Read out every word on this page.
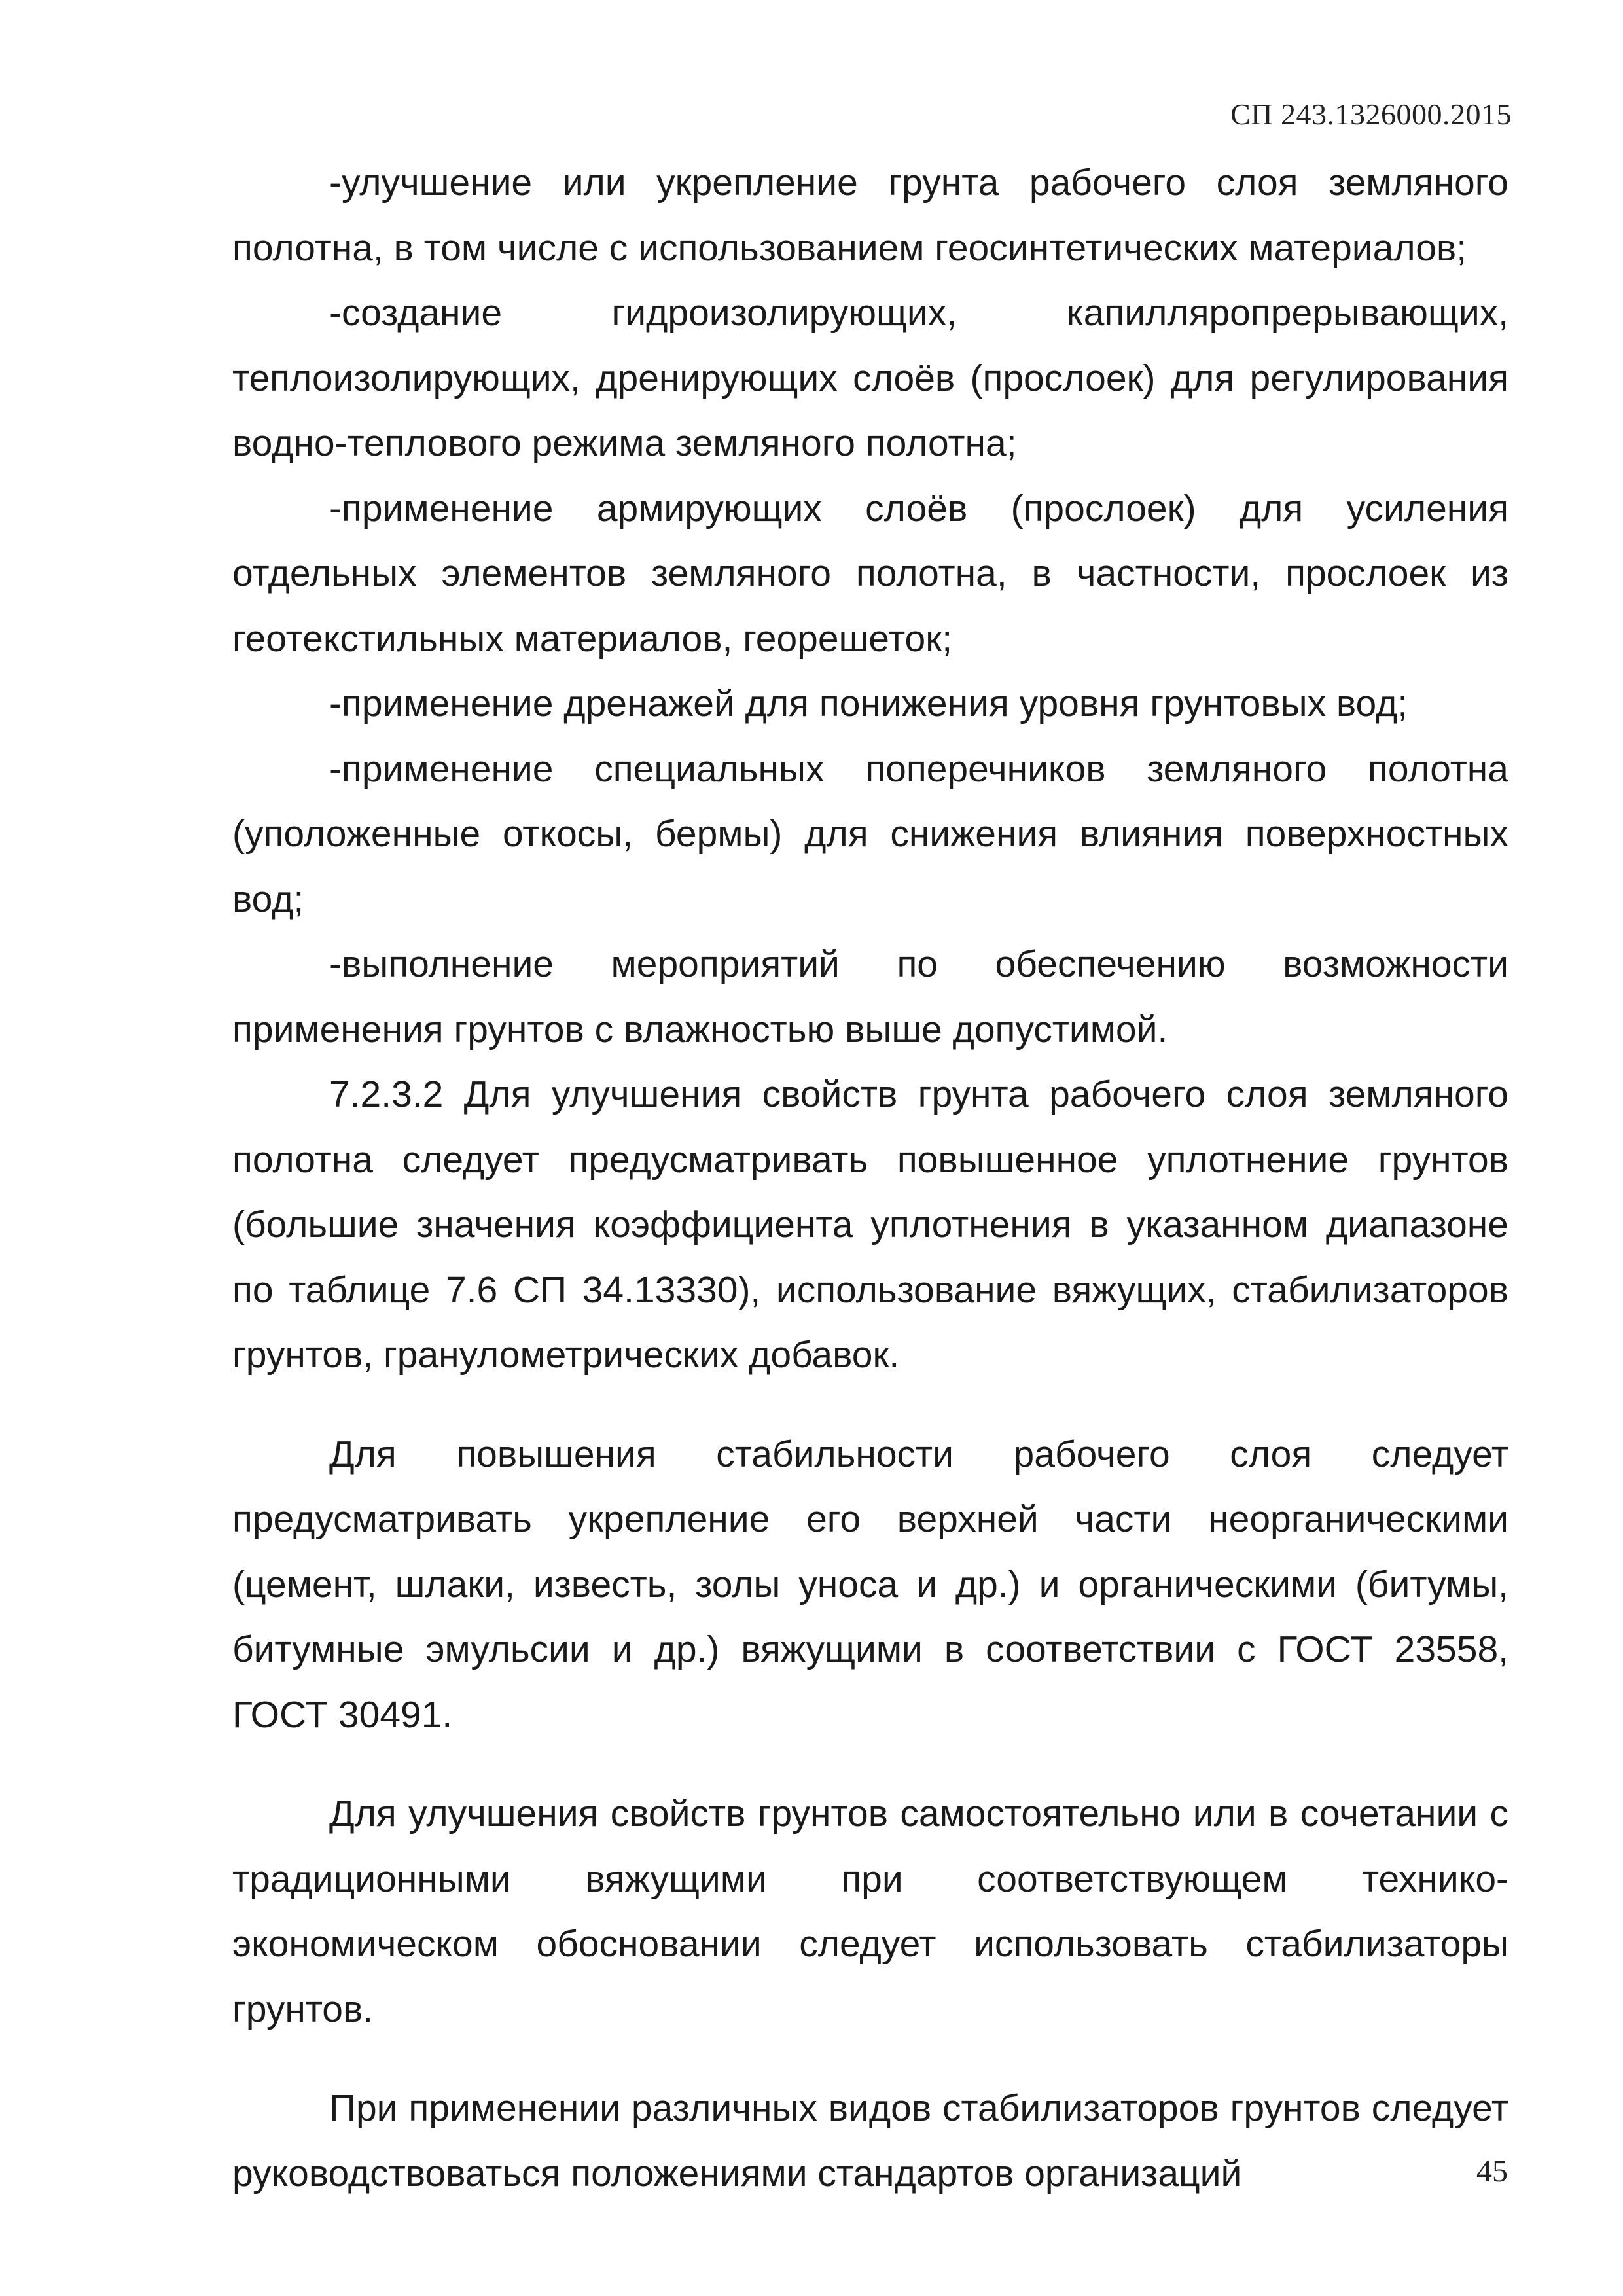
СП 243.1326000.2015

-улучшение или укрепление грунта рабочего слоя земляного полотна, в том числе с использованием геосинтетических материалов;

-создание гидроизолирующих, капилляропрерывающих, теплоизолирующих, дренирующих слоёв (прослоек) для регулирования водно-теплового режима земляного полотна;

-применение армирующих слоёв (прослоек) для усиления отдельных элементов земляного полотна, в частности, прослоек из геотекстильных материалов, георешеток;

-применение дренажей для понижения уровня грунтовых вод;

-применение специальных поперечников земляного полотна (уположенные откосы, бермы) для снижения влияния поверхностных вод;

-выполнение мероприятий по обеспечению возможности применения грунтов с влажностью выше допустимой.

7.2.3.2 Для улучшения свойств грунта рабочего слоя земляного полотна следует предусматривать повышенное уплотнение грунтов (большие значения коэффициента уплотнения в указанном диапазоне по таблице 7.6 СП 34.13330), использование вяжущих, стабилизаторов грунтов, гранулометрических добавок.

Для повышения стабильности рабочего слоя следует предусматривать укрепление его верхней части неорганическими (цемент, шлаки, известь, золы уноса и др.) и органическими (битумы, битумные эмульсии и др.) вяжущими в соответствии с ГОСТ 23558, ГОСТ 30491.

Для улучшения свойств грунтов самостоятельно или в сочетании с традиционными вяжущими при соответствующем технико-экономическом обосновании следует использовать стабилизаторы грунтов.

При применении различных видов стабилизаторов грунтов следует руководствоваться положениями стандартов организаций	45
